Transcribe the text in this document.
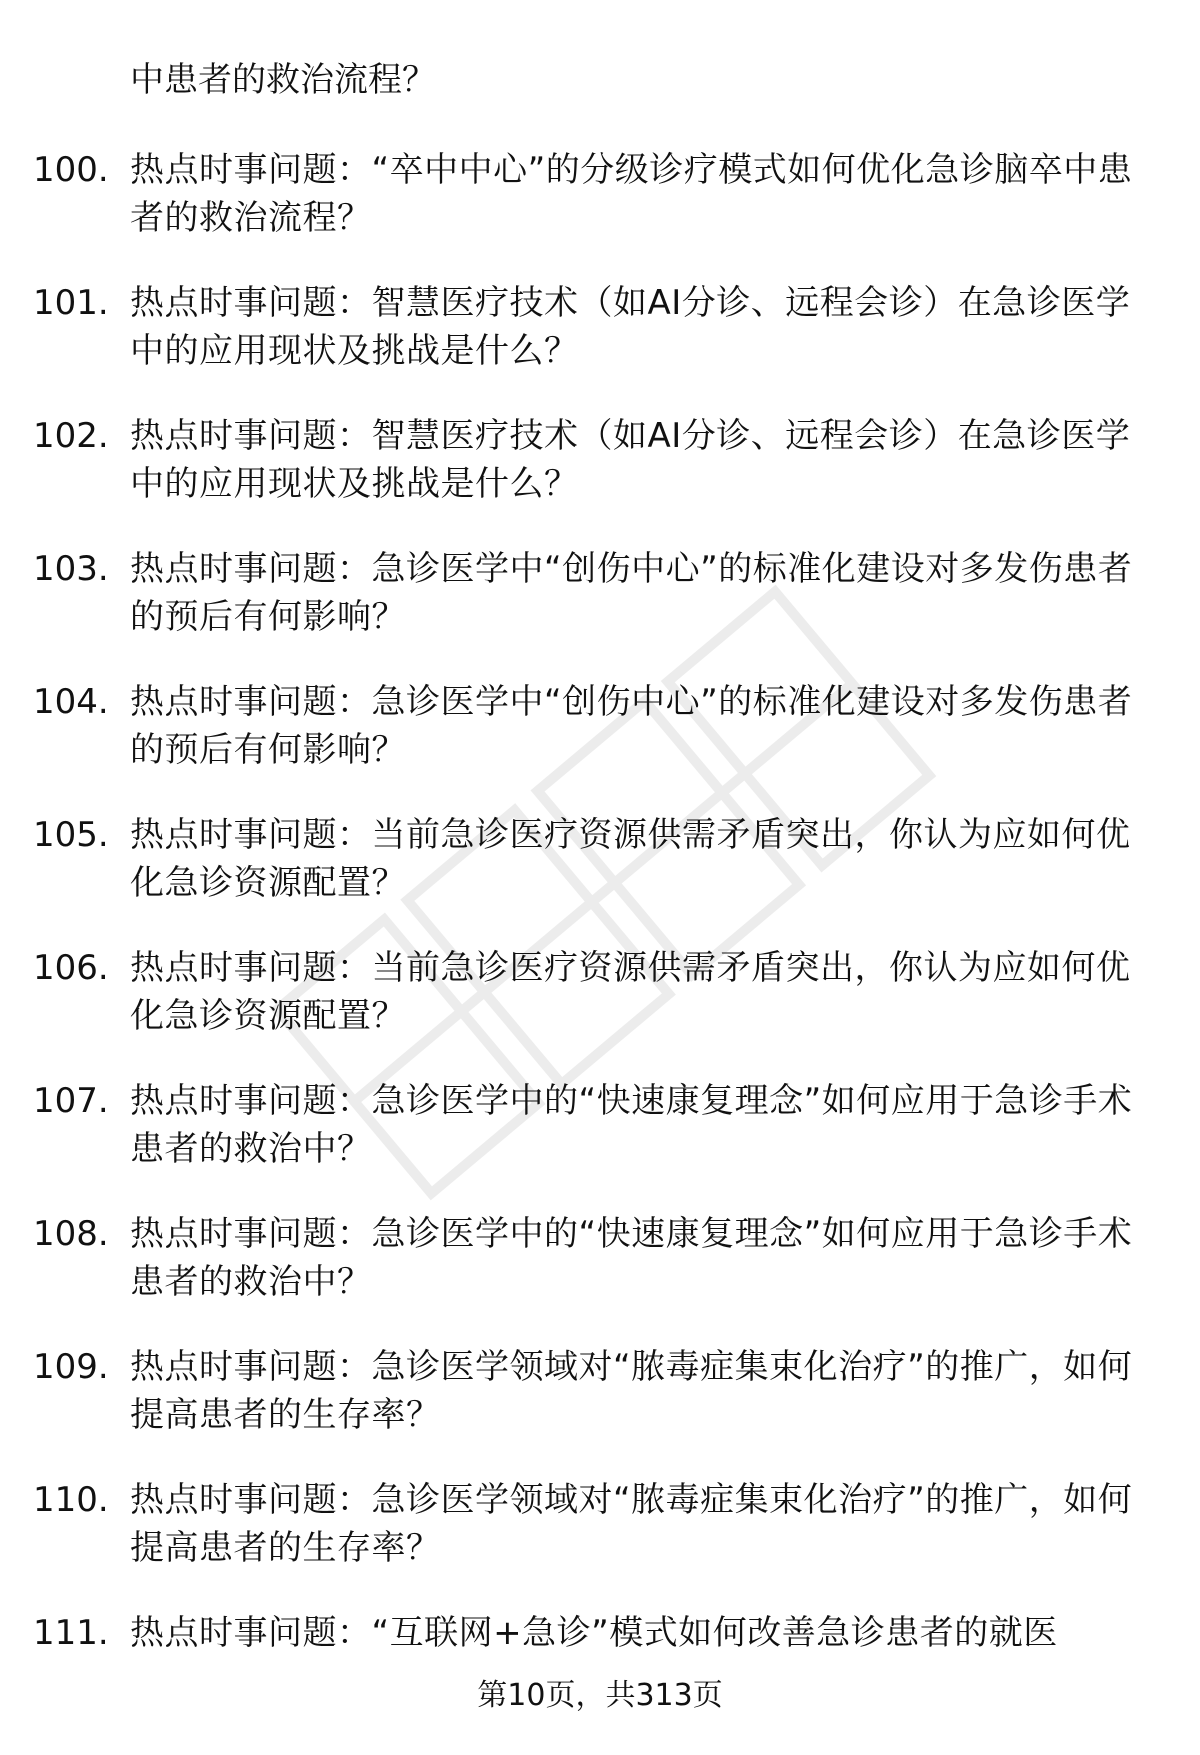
中患者的救治流程？
100. 热点时事问题：“卒中中心”的分级诊疗模式如何优化急诊脑卒中患者的救治流程？
101. 热点时事问题：智慧医疗技术（如AI分诊、远程会诊）在急诊医学中的应用现状及挑战是什么？
102. 热点时事问题：智慧医疗技术（如AI分诊、远程会诊）在急诊医学中的应用现状及挑战是什么？
103. 热点时事问题：急诊医学中“创伤中心”的标准化建设对多发伤患者的预后有何影响？
104. 热点时事问题：急诊医学中“创伤中心”的标准化建设对多发伤患者的预后有何影响？
105. 热点时事问题：当前急诊医疗资源供需矛盾突出，你认为应如何优化急诊资源配置？
106. 热点时事问题：当前急诊医疗资源供需矛盾突出，你认为应如何优化急诊资源配置？
107. 热点时事问题：急诊医学中的“快速康复理念”如何应用于急诊手术患者的救治中？
108. 热点时事问题：急诊医学中的“快速康复理念”如何应用于急诊手术患者的救治中？
109. 热点时事问题：急诊医学领域对“脓毒症集束化治疗”的推广，如何提高患者的生存率？
110. 热点时事问题：急诊医学领域对“脓毒症集束化治疗”的推广，如何提高患者的生存率？
111. 热点时事问题：“互联网+急诊”模式如何改善急诊患者的就医
第10页，共313页
